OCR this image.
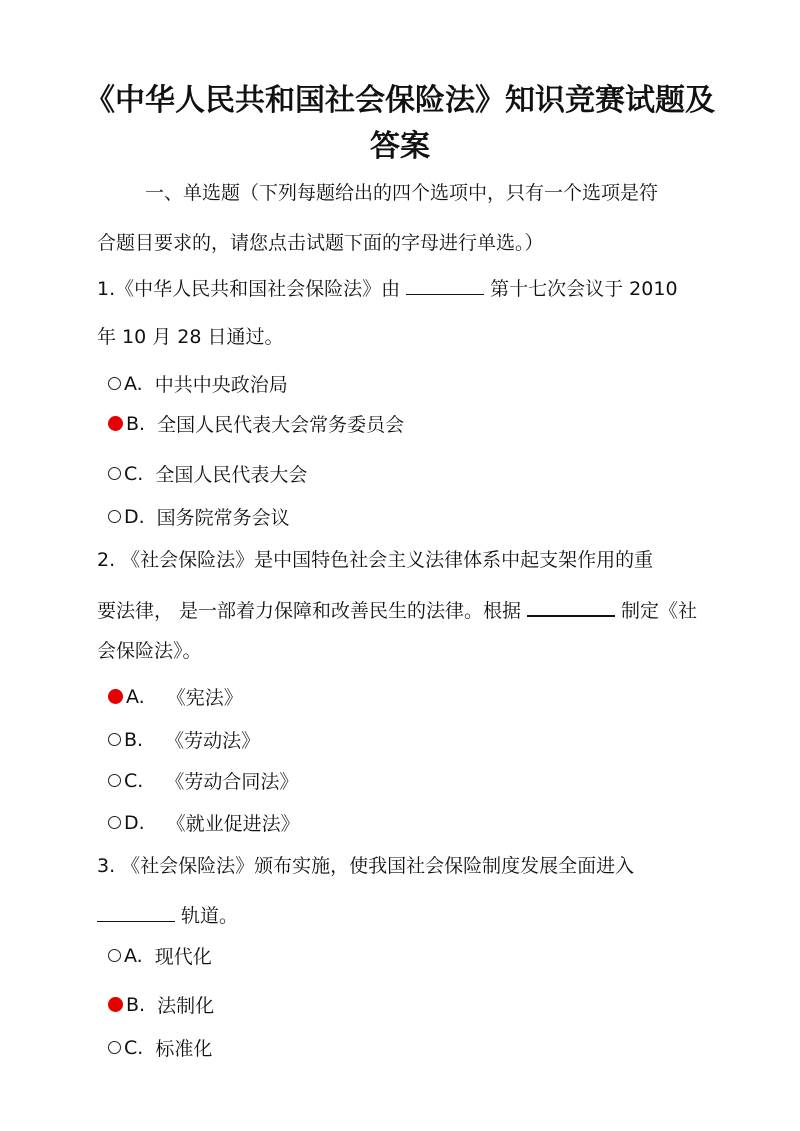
《中华人民共和国社会保险法》知识竞赛试题及
答案

一、单选题（下列每题给出的四个选项中，只有一个选项是符

合题目要求的，请您点击试题下面的字母进行单选。）

1.《中华人民共和国社会保险法》由	第十七次会议于 2010

年 10 月 28 日通过。

A. 中共中央政治局
B. 全国人民代表大会常务委员会
C. 全国人民代表大会
D. 国务院常务会议

2. 《社会保险法》是中国特色社会主义法律体系中起支架作用的重

要法律， 是一部着力保障和改善民生的法律。根据	制定《社

会保险法》。

A. 《宪法》
B. 《劳动法》
C. 《劳动合同法》
D. 《就业促进法》

3. 《社会保险法》颁布实施，使我国社会保险制度发展全面进入

轨道。

A. 现代化
B. 法制化
C. 标准化
